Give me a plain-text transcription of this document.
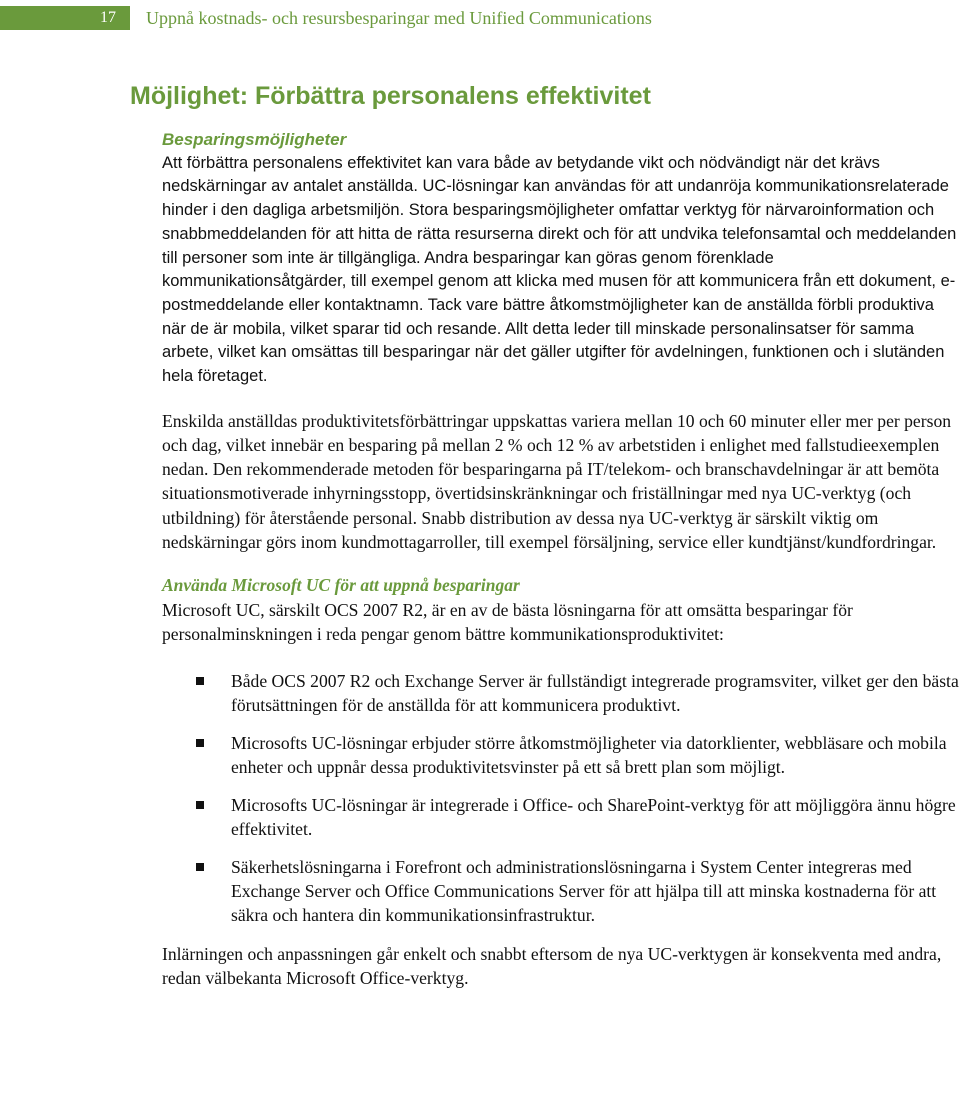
17	Uppnå kostnads- och resursbesparingar med Unified Communications
Möjlighet: Förbättra personalens effektivitet
Besparingsmöjligheter

Att förbättra personalens effektivitet kan vara både av betydande vikt och nödvändigt när det krävs nedskärningar av antalet anställda. UC-lösningar kan användas för att undanröja kommunikationsrelaterade hinder i den dagliga arbetsmiljön. Stora besparingsmöjligheter omfattar verktyg för närvaroinformation och snabbmeddelanden för att hitta de rätta resurserna direkt och för att undvika telefonsamtal och meddelanden till personer som inte är tillgängliga. Andra besparingar kan göras genom förenklade kommunikationsåtgärder, till exempel genom att klicka med musen för att kommunicera från ett dokument, e-postmeddelande eller kontaktnamn. Tack vare bättre åtkomstmöjligheter kan de anställda förbli produktiva när de är mobila, vilket sparar tid och resande. Allt detta leder till minskade personalinsatser för samma arbete, vilket kan omsättas till besparingar när det gäller utgifter för avdelningen, funktionen och i slutänden hela företaget.

Enskilda anställdas produktivitetsförbättringar uppskattas variera mellan 10 och 60 minuter eller mer per person och dag, vilket innebär en besparing på mellan 2 % och 12 % av arbetstiden i enlighet med fallstudieexemplen nedan. Den rekommenderade metoden för besparingarna på IT/telekom- och branschavdelningar är att bemöta situationsmotiverade inhyrningsstopp, övertidsinskränkningar och friställningar med nya UC-verktyg (och utbildning) för återstående personal. Snabb distribution av dessa nya UC-verktyg är särskilt viktig om nedskärningar görs inom kundmottagarroller, till exempel försäljning, service eller kundtjänst/kundfordringar.

Använda Microsoft UC för att uppnå besparingar

Microsoft UC, särskilt OCS 2007 R2, är en av de bästa lösningarna för att omsätta besparingar för personalminskningen i reda pengar genom bättre kommunikationsproduktivitet:

Både OCS 2007 R2 och Exchange Server är fullständigt integrerade programsviter, vilket ger den bästa förutsättningen för de anställda för att kommunicera produktivt.
Microsofts UC-lösningar erbjuder större åtkomstmöjligheter via datorklienter, webbläsare och mobila enheter och uppnår dessa produktivitetsvinster på ett så brett plan som möjligt.
Microsofts UC-lösningar är integrerade i Office- och SharePoint-verktyg för att möjliggöra ännu högre effektivitet.
Säkerhetslösningarna i Forefront och administrationslösningarna i System Center integreras med Exchange Server och Office Communications Server för att hjälpa till att minska kostnaderna för att säkra och hantera din kommunikationsinfrastruktur.

Inlärningen och anpassningen går enkelt och snabbt eftersom de nya UC-verktygen är konsekventa med andra, redan välbekanta Microsoft Office-verktyg.
